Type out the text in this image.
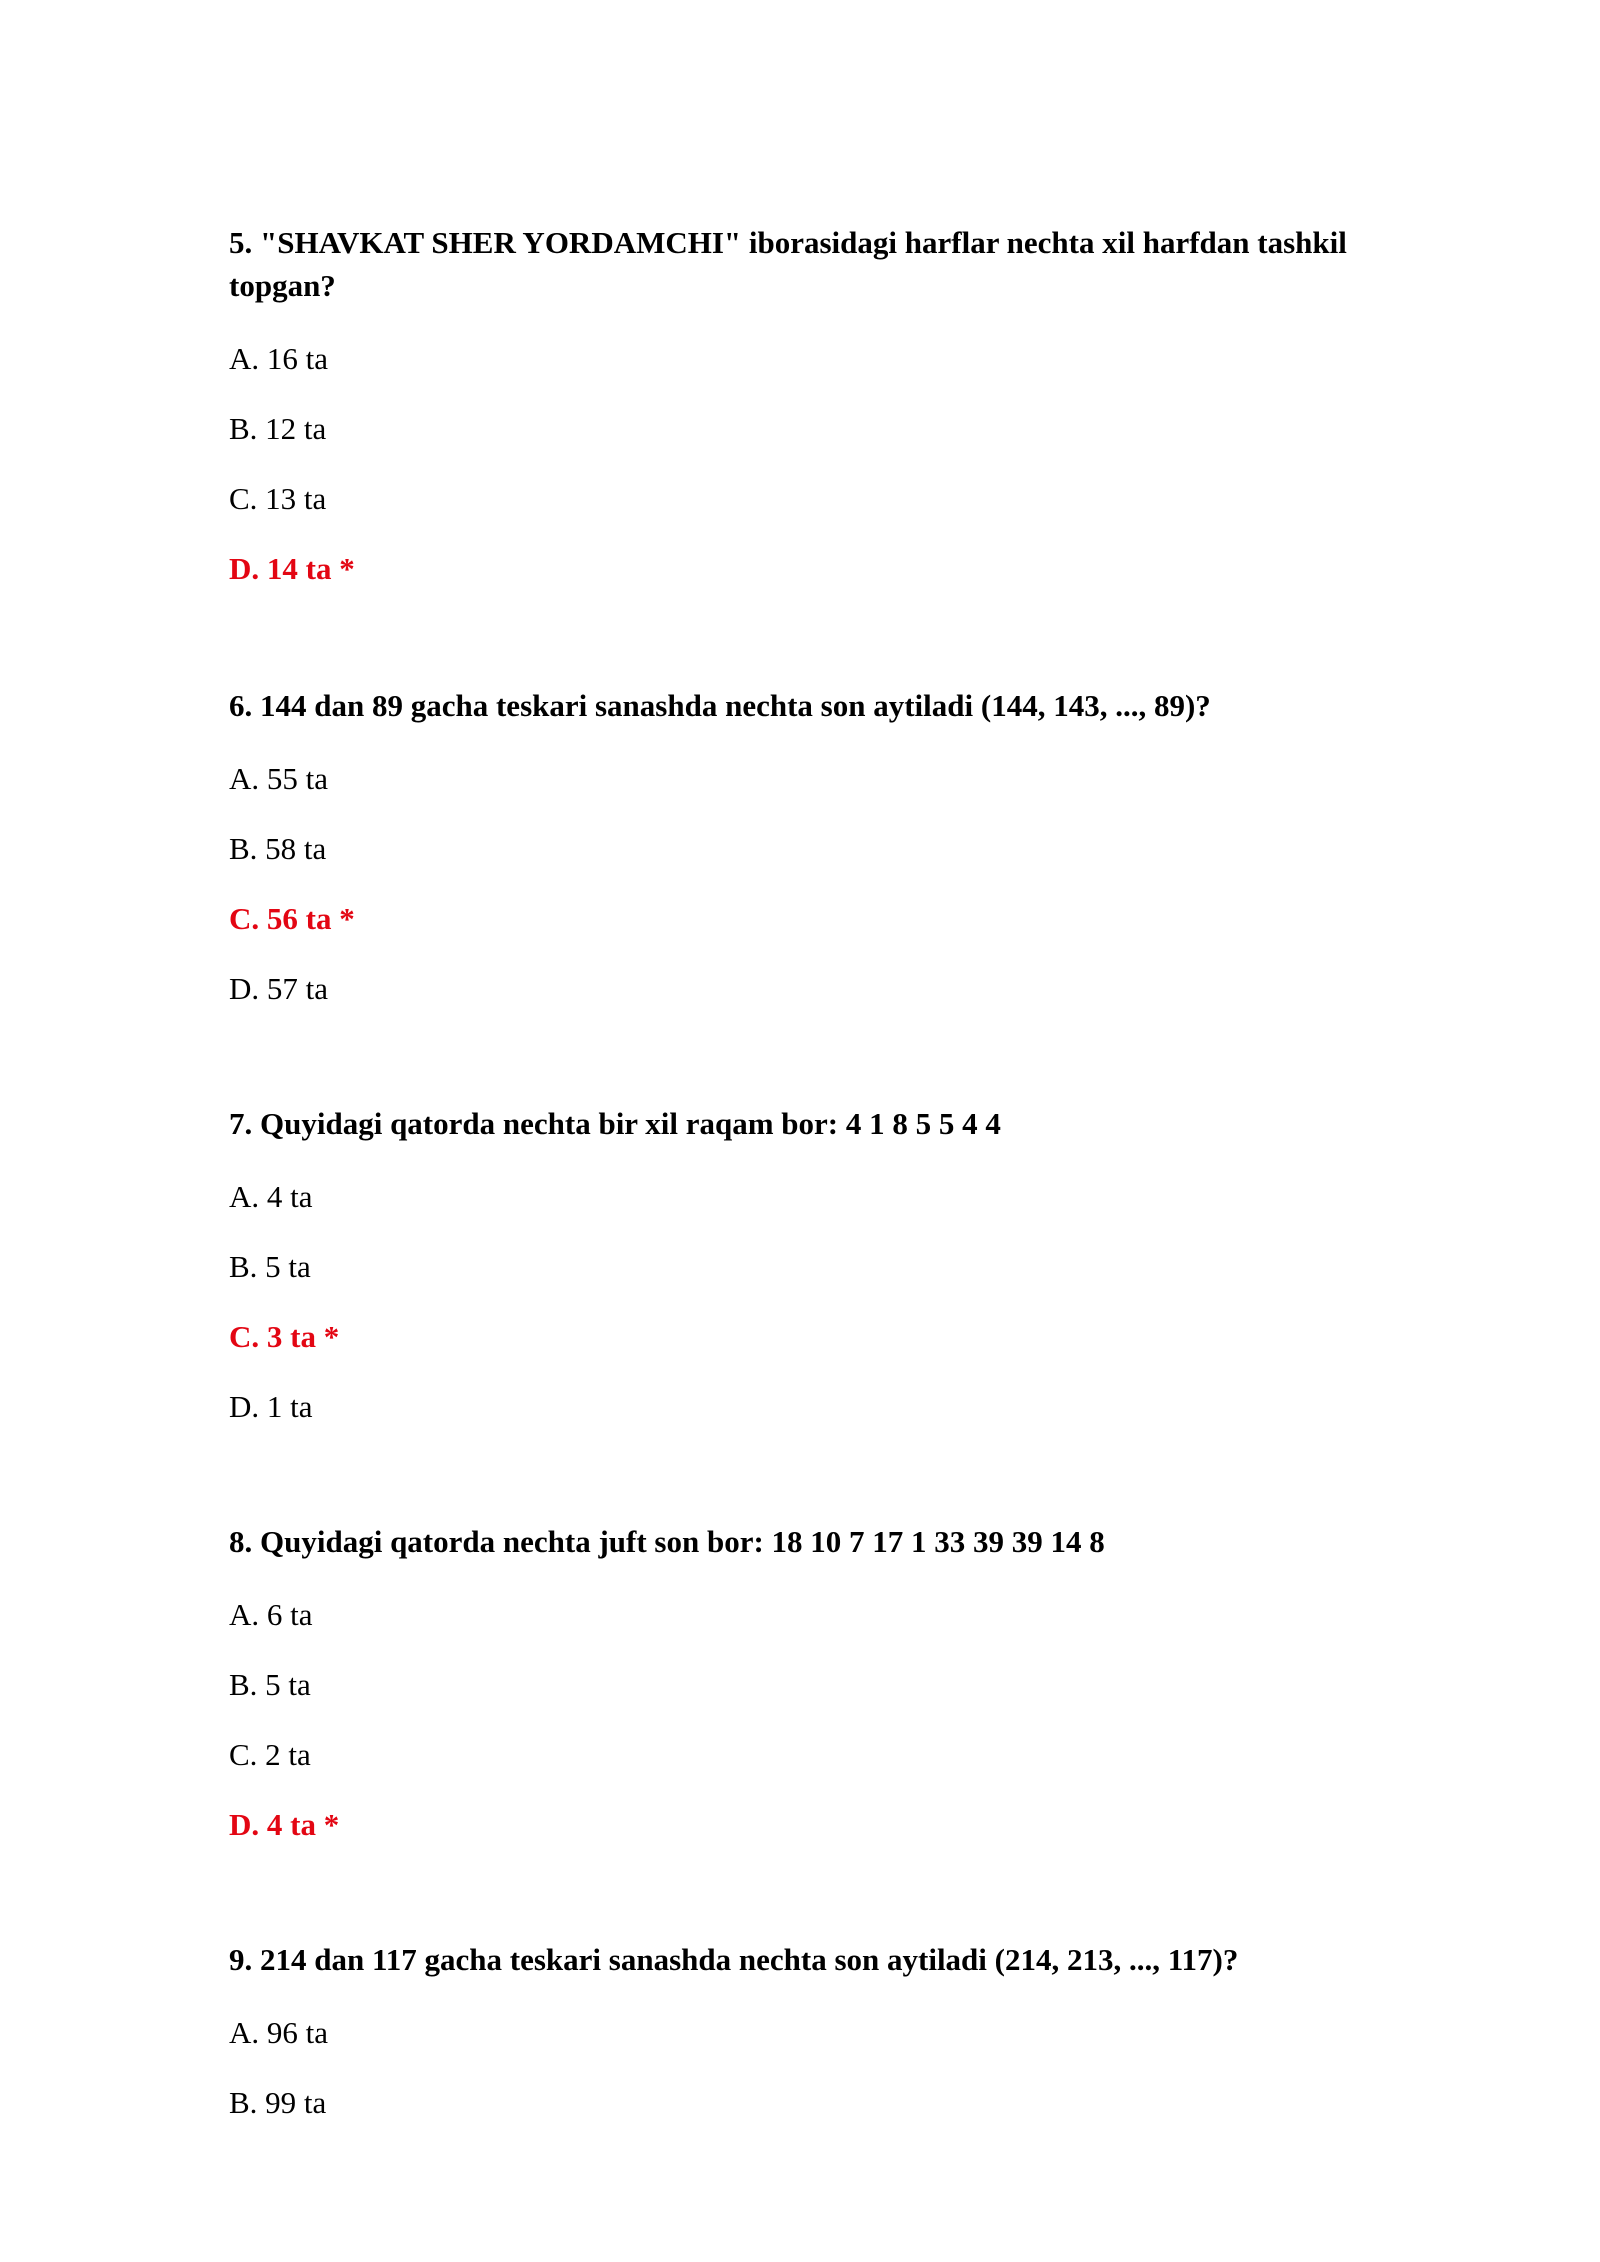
5. "SHAVKAT SHER YORDAMCHI" iborasidagi harflar nechta xil harfdan tashkil topgan?

A. 16 ta
B. 12 ta
C. 13 ta
D. 14 ta *

6. 144 dan 89 gacha teskari sanashda nechta son aytiladi (144, 143, ..., 89)?

A. 55 ta
B. 58 ta
C. 56 ta *
D. 57 ta

7. Quyidagi qatorda nechta bir xil raqam bor: 4 1 8 5 5 4 4

A. 4 ta
B. 5 ta
C. 3 ta *
D. 1 ta

8. Quyidagi qatorda nechta juft son bor: 18 10 7 17 1 33 39 39 14 8

A. 6 ta
B. 5 ta
C. 2 ta
D. 4 ta *

9. 214 dan 117 gacha teskari sanashda nechta son aytiladi (214, 213, ..., 117)?

A. 96 ta
B. 99 ta
